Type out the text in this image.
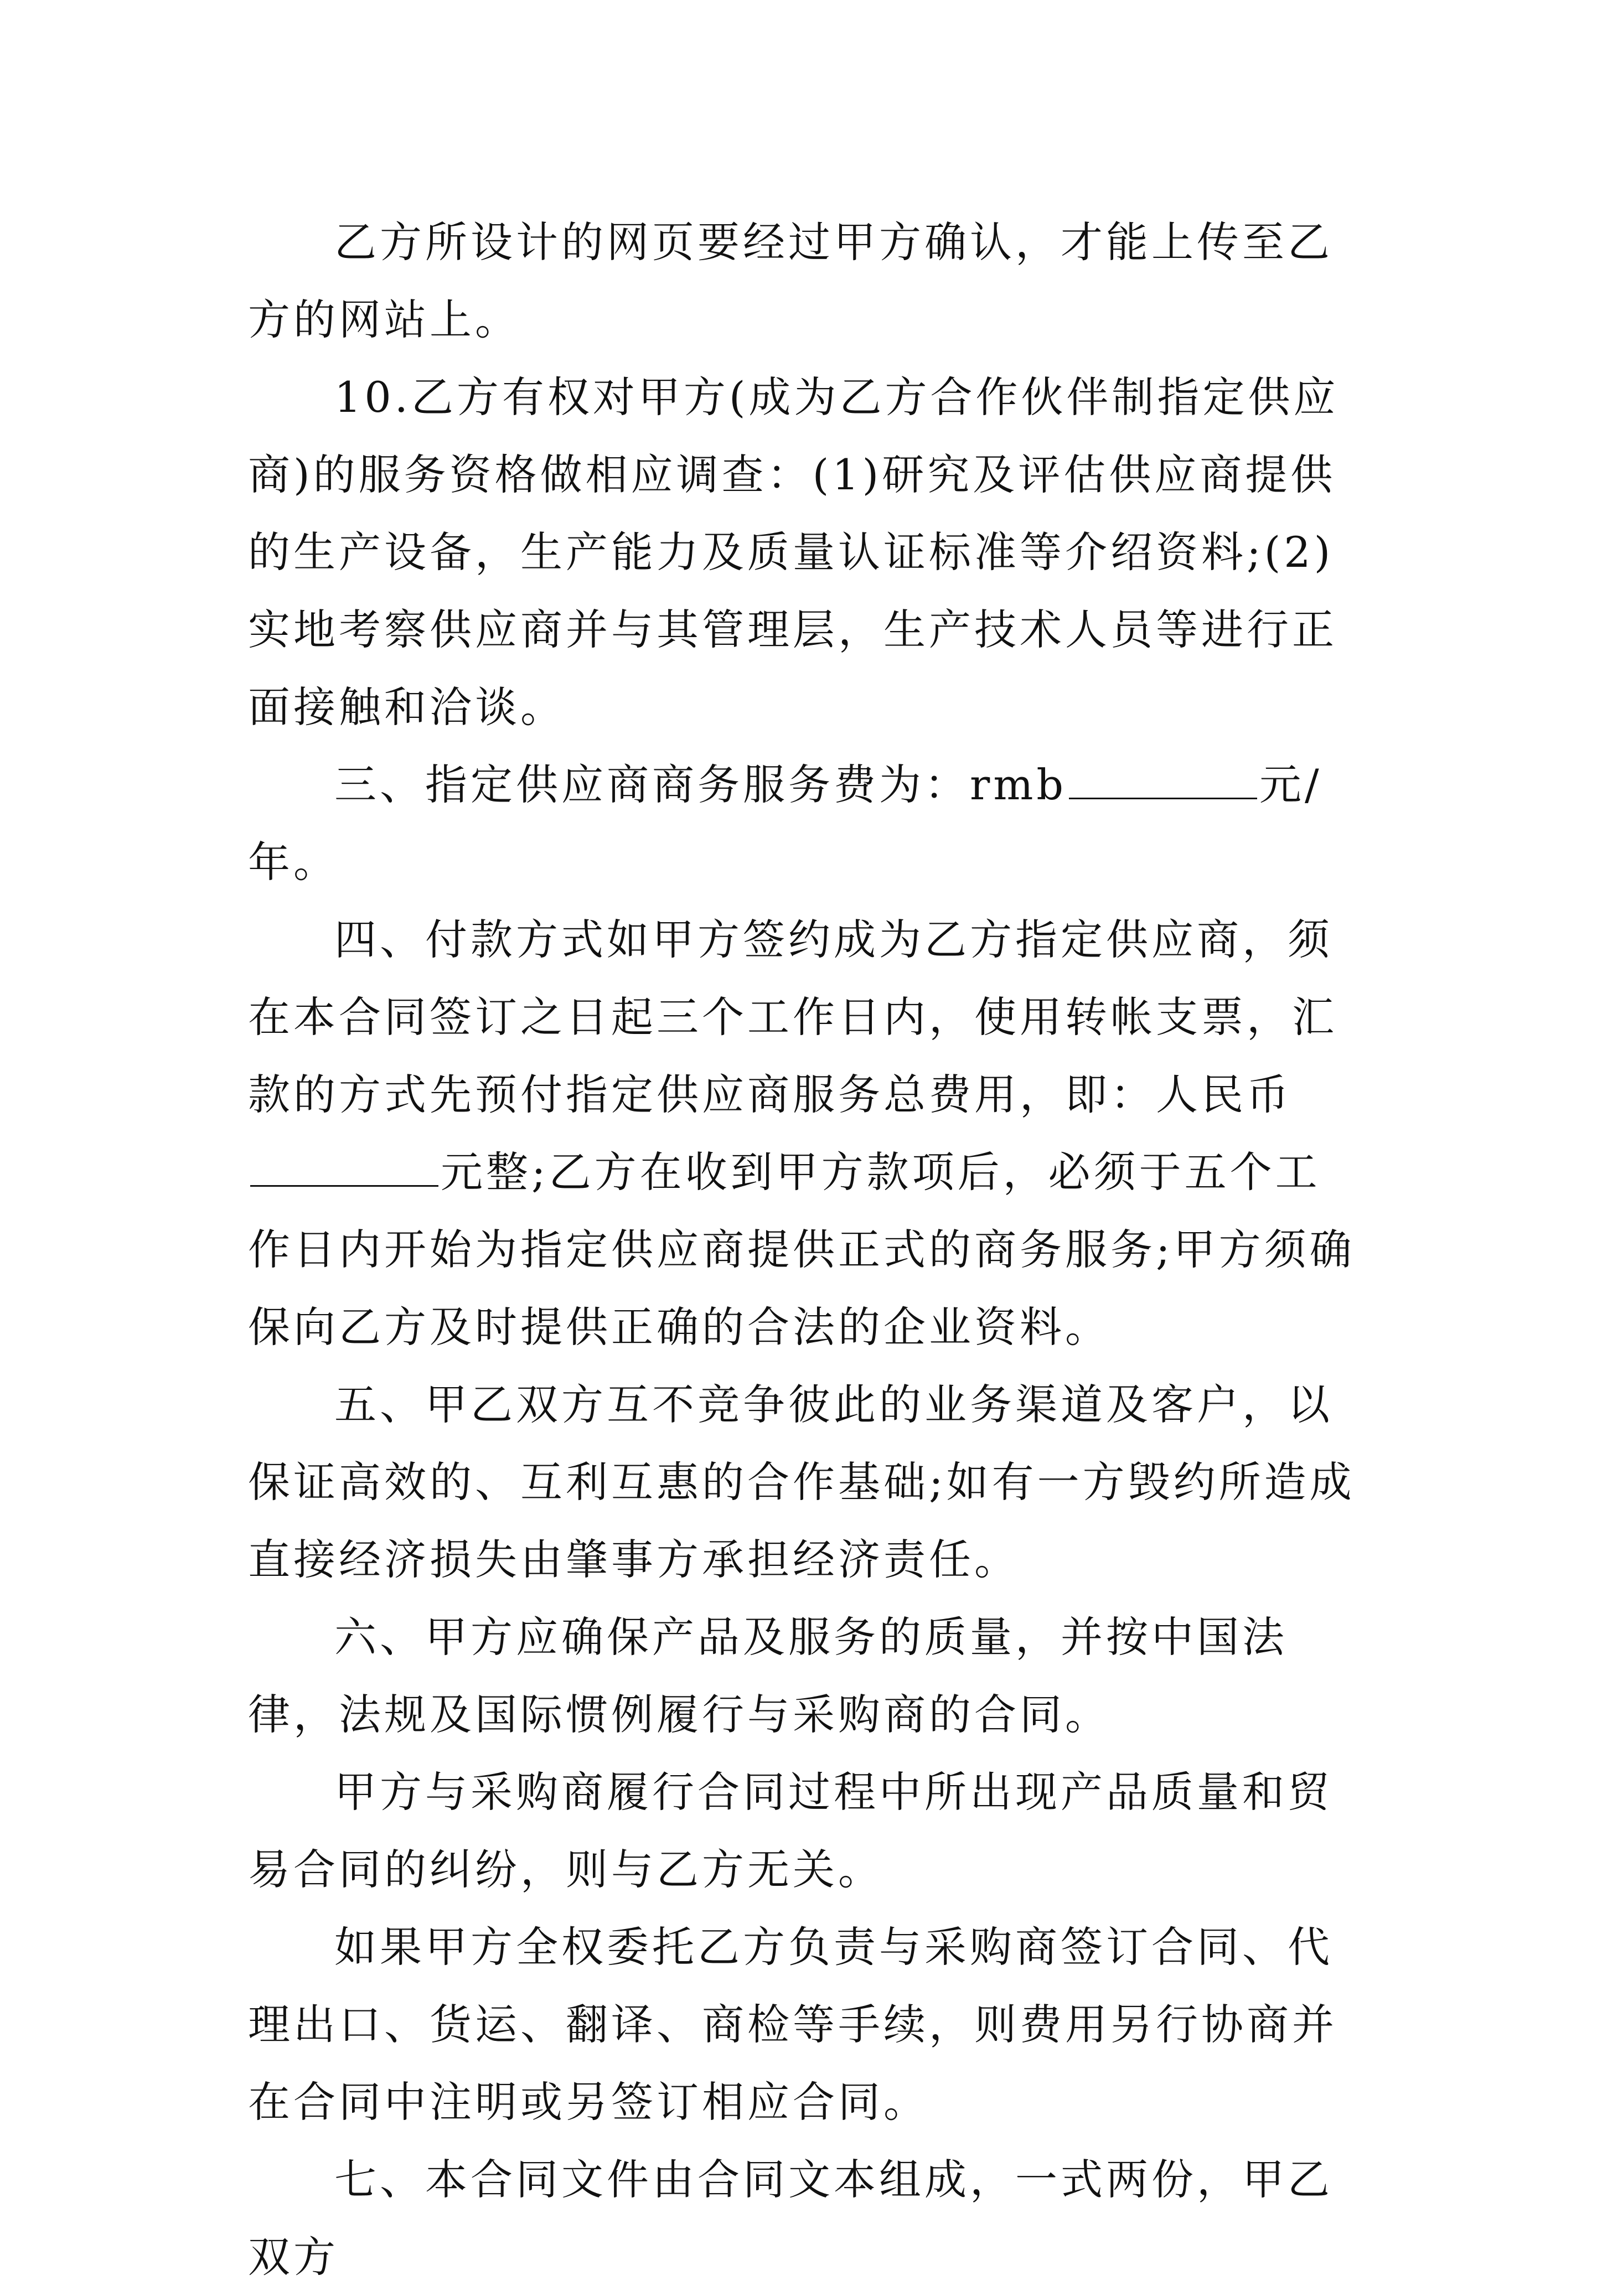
乙方所设计的网页要经过甲方确认，才能上传至乙方的网站上。

10.乙方有权对甲方(成为乙方合作伙伴制指定供应商)的服务资格做相应调查：(1)研究及评估供应商提供的生产设备，生产能力及质量认证标准等介绍资料;(2)实地考察供应商并与其管理层，生产技术人员等进行正面接触和洽谈。

三、指定供应商商务服务费为：rmb	元/年。

四、付款方式如甲方签约成为乙方指定供应商，须在本合同签订之日起三个工作日内，使用转帐支票，汇款的方式先预付指定供应商服务总费用，即：人民币元整;乙方在收到甲方款项后，必须于五个工作日内开始为指定供应商提供正式的商务服务;甲方须确保向乙方及时提供正确的合法的企业资料。

五、甲乙双方互不竞争彼此的业务渠道及客户，以保证高效的、互利互惠的合作基础;如有一方毁约所造成直接经济损失由肇事方承担经济责任。

六、甲方应确保产品及服务的质量，并按中国法律，法规及国际惯例履行与采购商的合同。

甲方与采购商履行合同过程中所出现产品质量和贸易合同的纠纷，则与乙方无关。

如果甲方全权委托乙方负责与采购商签订合同、代理出口、货运、翻译、商检等手续，则费用另行协商并在合同中注明或另签订相应合同。

七、本合同文件由合同文本组成，一式两份，甲乙双方
